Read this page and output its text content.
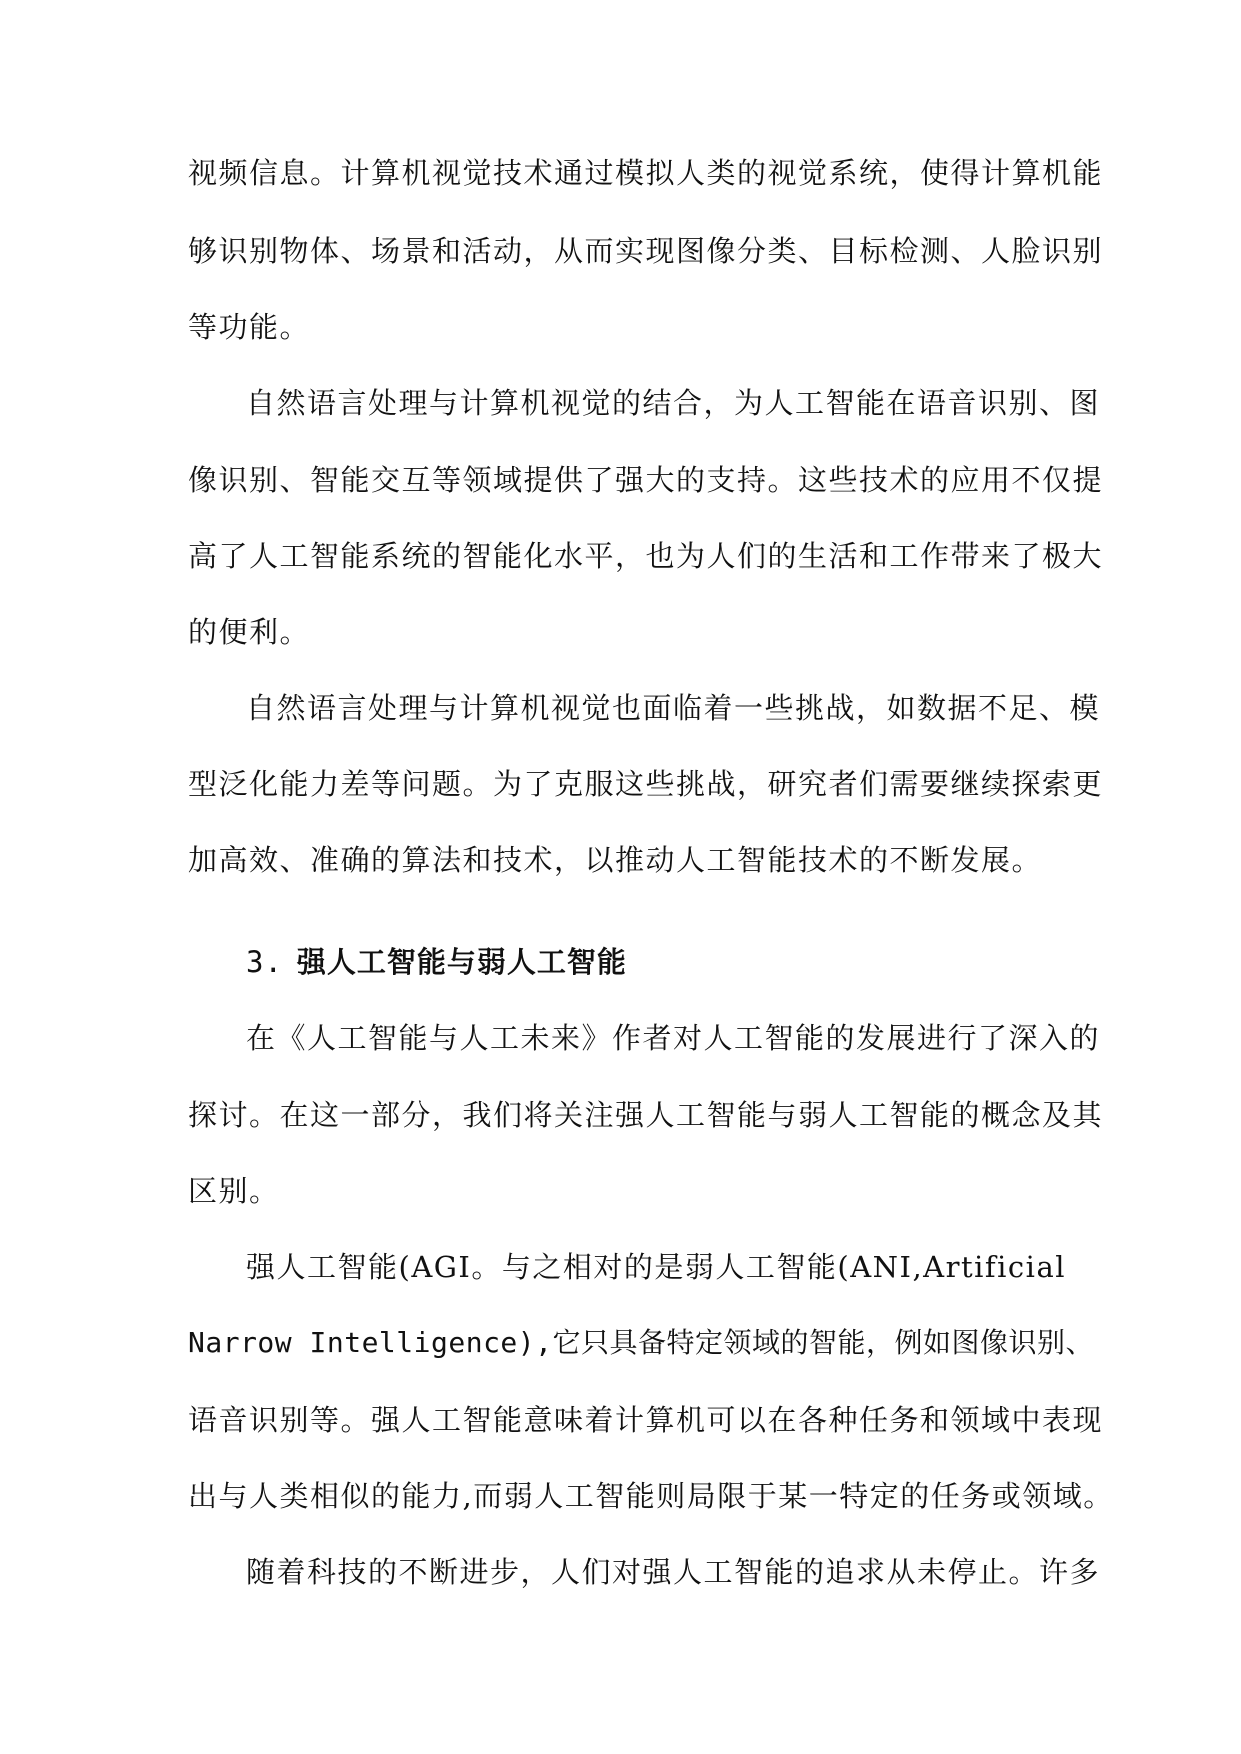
视频信息。计算机视觉技术通过模拟人类的视觉系统，使得计算机能
够识别物体、场景和活动，从而实现图像分类、目标检测、人脸识别
等功能。
自然语言处理与计算机视觉的结合，为人工智能在语音识别、图
像识别、智能交互等领域提供了强大的支持。这些技术的应用不仅提
高了人工智能系统的智能化水平，也为人们的生活和工作带来了极大
的便利。
自然语言处理与计算机视觉也面临着一些挑战，如数据不足、模
型泛化能力差等问题。为了克服这些挑战，研究者们需要继续探索更
加高效、准确的算法和技术，以推动人工智能技术的不断发展。
3. 强人工智能与弱人工智能
在《人工智能与人工未来》作者对人工智能的发展进行了深入的
探讨。在这一部分，我们将关注强人工智能与弱人工智能的概念及其
区别。
强人工智能(AGI。与之相对的是弱人工智能(ANI,Artificial
Narrow Intelligence),它只具备特定领域的智能，例如图像识别、
语音识别等。强人工智能意味着计算机可以在各种任务和领域中表现
出与人类相似的能力,而弱人工智能则局限于某一特定的任务或领域。
随着科技的不断进步，人们对强人工智能的追求从未停止。许多
